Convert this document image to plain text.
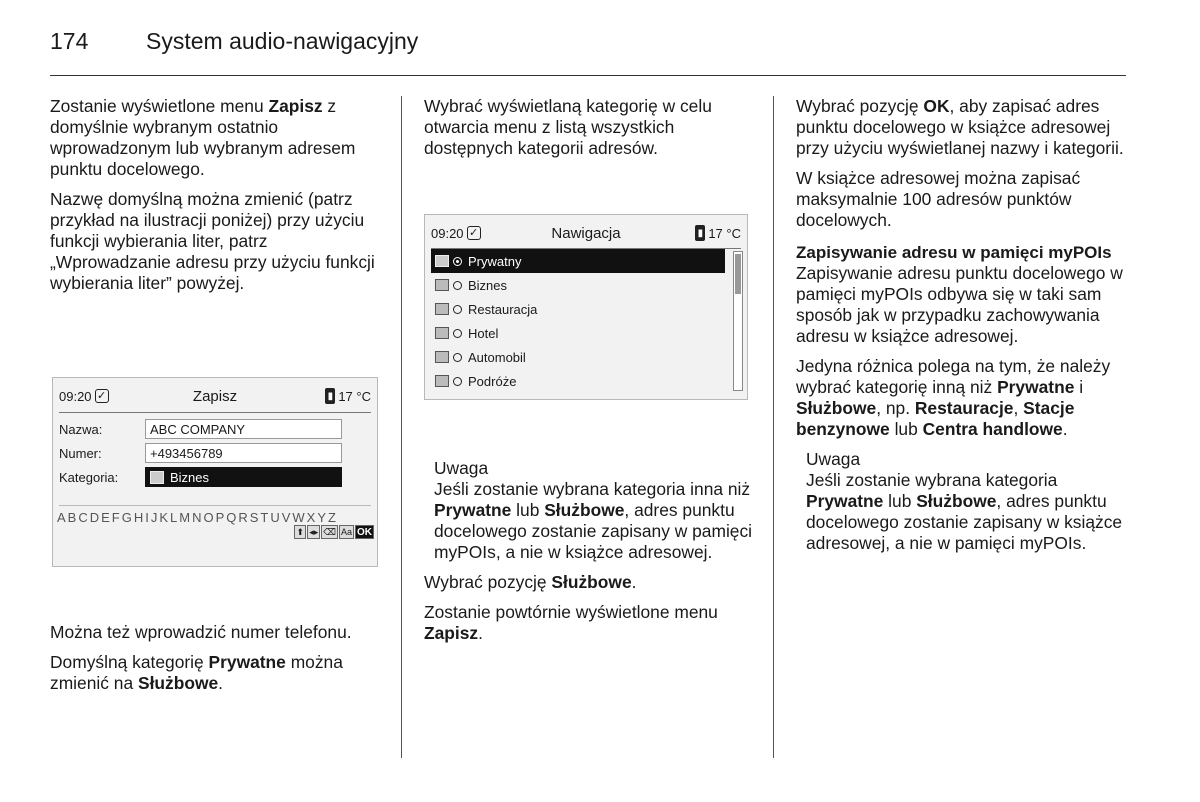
174	System audio-nawigacyjny

Zostanie wyświetlone menu Zapisz z domyślnie wybranym ostatnio wprowadzonym lub wybranym adresem punktu docelowego.

Nazwę domyślną można zmienić (patrz przykład na ilustracji poniżej) przy użyciu funkcji wybierania liter, patrz „Wprowadzanie adresu przy użyciu funkcji wybierania liter” powyżej.

09:20 ✓	Zapisz	▮ 17 °C
Nazwa:	ABC COMPANY
Numer:	+493456789
Kategoria:	Biznes
ABCDEFGHIJKLMNOPQRSTUVWXYZ
⬆ ◂▸ ⌫ Aa OK

Można też wprowadzić numer telefonu.

Domyślną kategorię Prywatne można zmienić na Służbowe.

Wybrać wyświetlaną kategorię w celu otwarcia menu z listą wszystkich dostępnych kategorii adresów.

09:20 ✓	Nawigacja	▮ 17 °C
Prywatny
Biznes
Restauracja
Hotel
Automobil
Podróże
Uwaga
Jeśli zostanie wybrana kategoria inna niż Prywatne lub Służbowe, adres punktu docelowego zostanie zapisany w pamięci myPOIs, a nie w książce adresowej.

Wybrać pozycję Służbowe.

Zostanie powtórnie wyświetlone menu Zapisz.

Wybrać pozycję OK, aby zapisać adres punktu docelowego w książce adresowej przy użyciu wyświetlanej nazwy i kategorii.

W książce adresowej można zapisać maksymalnie 100 adresów punktów docelowych.

Zapisywanie adresu w pamięci myPOIs

Zapisywanie adresu punktu docelowego w pamięci myPOIs odbywa się w taki sam sposób jak w przypadku zachowywania adresu w książce adresowej.

Jedyna różnica polega na tym, że należy wybrać kategorię inną niż Prywatne i Służbowe, np. Restauracje, Stacje benzynowe lub Centra handlowe.

Uwaga
Jeśli zostanie wybrana kategoria Prywatne lub Służbowe, adres punktu docelowego zostanie zapisany w książce adresowej, a nie w pamięci myPOIs.
